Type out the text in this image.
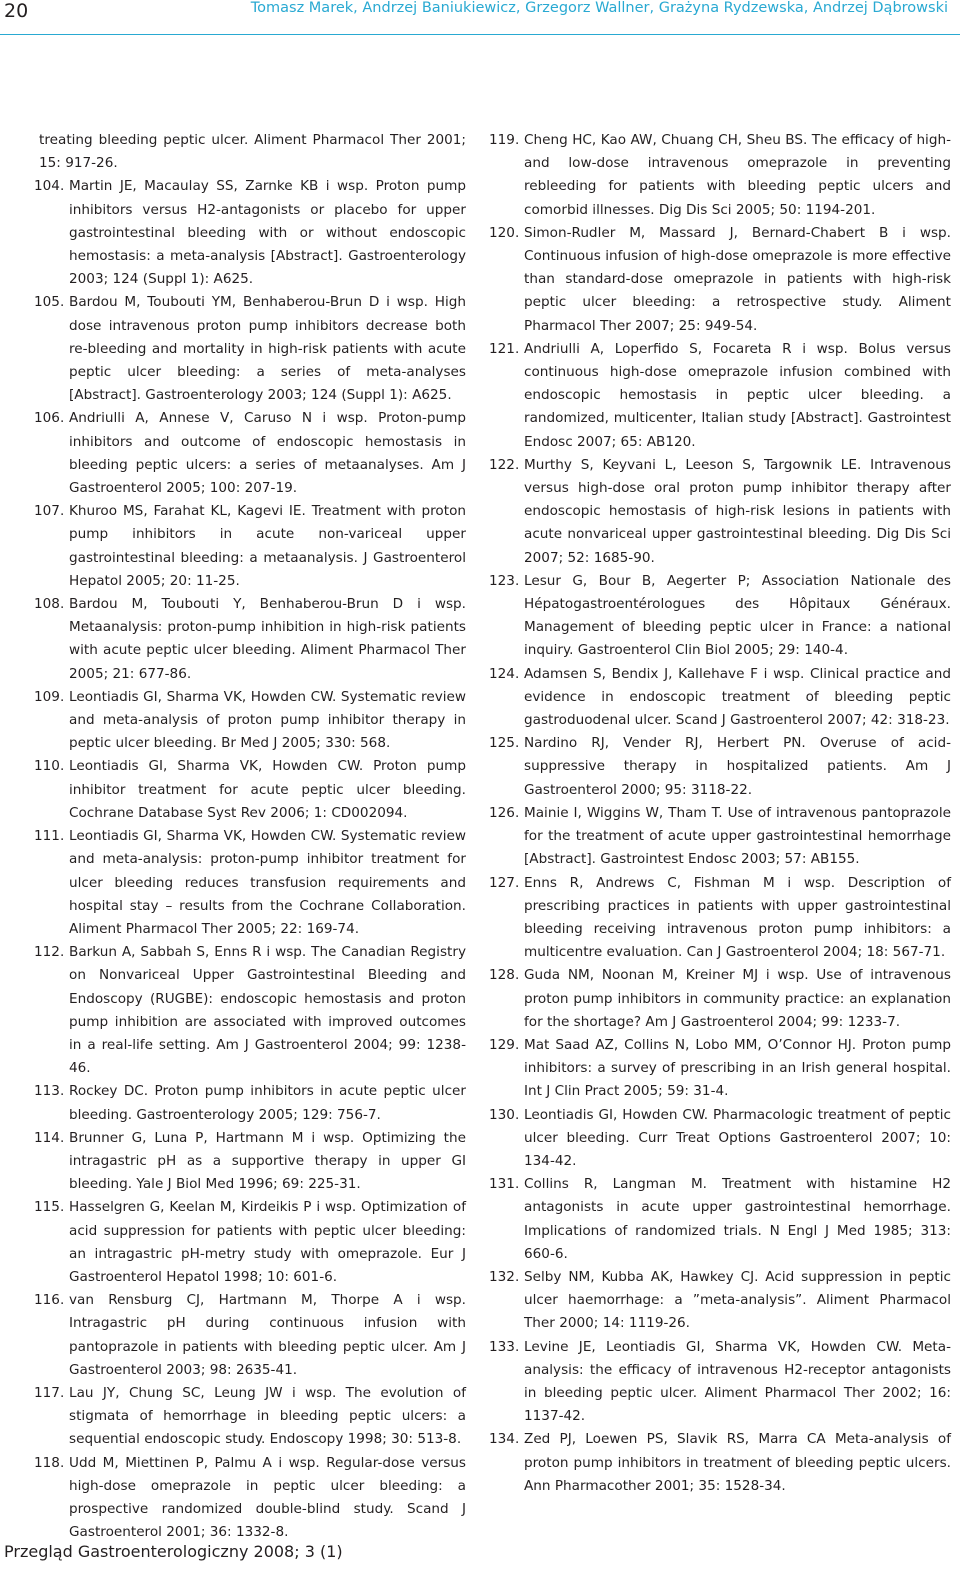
20	Tomasz Marek, Andrzej Baniukiewicz, Grzegorz Wallner, Grażyna Rydzewska, Andrzej Dąbrowski

treating bleeding peptic ulcer. Aliment Pharmacol Ther 2001; 15: 917-26.

104. Martin JE, Macaulay SS, Zarnke KB i wsp. Proton pump inhibitors versus H2-antagonists or placebo for upper gastrointestinal bleeding with or without endoscopic hemostasis: a meta-analysis [Abstract]. Gastroenterology 2003; 124 (Suppl 1): A625.

105. Bardou M, Toubouti YM, Benhaberou-Brun D i wsp. High dose intravenous proton pump inhibitors decrease both re-bleeding and mortality in high-risk patients with acute peptic ulcer bleeding: a series of meta-analyses [Abstract]. Gastroenterology 2003; 124 (Suppl 1): A625.

106. Andriulli A, Annese V, Caruso N i wsp. Proton-pump inhibitors and outcome of endoscopic hemostasis in bleeding peptic ulcers: a series of metaanalyses. Am J Gastroenterol 2005; 100: 207-19.

107. Khuroo MS, Farahat KL, Kagevi IE. Treatment with proton pump inhibitors in acute non-variceal upper gastrointestinal bleeding: a metaanalysis. J Gastroenterol Hepatol 2005; 20: 11-25.

108. Bardou M, Toubouti Y, Benhaberou-Brun D i wsp. Metaanalysis: proton-pump inhibition in high-risk patients with acute peptic ulcer bleeding. Aliment Pharmacol Ther 2005; 21: 677-86.

109. Leontiadis GI, Sharma VK, Howden CW. Systematic review and meta-analysis of proton pump inhibitor therapy in peptic ulcer bleeding. Br Med J 2005; 330: 568.

110. Leontiadis GI, Sharma VK, Howden CW. Proton pump inhibitor treatment for acute peptic ulcer bleeding. Cochrane Database Syst Rev 2006; 1: CD002094.

111. Leontiadis GI, Sharma VK, Howden CW. Systematic review and meta-analysis: proton-pump inhibitor treatment for ulcer bleeding reduces transfusion requirements and hospital stay – results from the Cochrane Collaboration. Aliment Pharmacol Ther 2005; 22: 169-74.

112. Barkun A, Sabbah S, Enns R i wsp. The Canadian Registry on Nonvariceal Upper Gastrointestinal Bleeding and Endoscopy (RUGBE): endoscopic hemostasis and proton pump inhibition are associated with improved outcomes in a real-life setting. Am J Gastroenterol 2004; 99: 1238-46.

113. Rockey DC. Proton pump inhibitors in acute peptic ulcer bleeding. Gastroenterology 2005; 129: 756-7.

114. Brunner G, Luna P, Hartmann M i wsp. Optimizing the intragastric pH as a supportive therapy in upper GI bleeding. Yale J Biol Med 1996; 69: 225-31.

115. Hasselgren G, Keelan M, Kirdeikis P i wsp. Optimization of acid suppression for patients with peptic ulcer bleeding: an intragastric pH-metry study with omeprazole. Eur J Gastroenterol Hepatol 1998; 10: 601-6.

116. van Rensburg CJ, Hartmann M, Thorpe A i wsp. Intragastric pH during continuous infusion with pantoprazole in patients with bleeding peptic ulcer. Am J Gastroenterol 2003; 98: 2635-41.

117. Lau JY, Chung SC, Leung JW i wsp. The evolution of stigmata of hemorrhage in bleeding peptic ulcers: a sequential endoscopic study. Endoscopy 1998; 30: 513-8.

118. Udd M, Miettinen P, Palmu A i wsp. Regular-dose versus high-dose omeprazole in peptic ulcer bleeding: a prospective randomized double-blind study. Scand J Gastroenterol 2001; 36: 1332-8.

119. Cheng HC, Kao AW, Chuang CH, Sheu BS. The efficacy of high- and low-dose intravenous omeprazole in preventing rebleeding for patients with bleeding peptic ulcers and comorbid illnesses. Dig Dis Sci 2005; 50: 1194-201.

120. Simon-Rudler M, Massard J, Bernard-Chabert B i wsp. Continuous infusion of high-dose omeprazole is more effective than standard-dose omeprazole in patients with high-risk peptic ulcer bleeding: a retrospective study. Aliment Pharmacol Ther 2007; 25: 949-54.

121. Andriulli A, Loperfido S, Focareta R i wsp. Bolus versus continuous high-dose omeprazole infusion combined with endoscopic hemostasis in peptic ulcer bleeding. a randomized, multicenter, Italian study [Abstract]. Gastrointest Endosc 2007; 65: AB120.

122. Murthy S, Keyvani L, Leeson S, Targownik LE. Intravenous versus high-dose oral proton pump inhibitor therapy after endoscopic hemostasis of high-risk lesions in patients with acute nonvariceal upper gastrointestinal bleeding. Dig Dis Sci 2007; 52: 1685-90.

123. Lesur G, Bour B, Aegerter P; Association Nationale des Hépatogastroentérologues des Hôpitaux Généraux. Management of bleeding peptic ulcer in France: a national inquiry. Gastroenterol Clin Biol 2005; 29: 140-4.

124. Adamsen S, Bendix J, Kallehave F i wsp. Clinical practice and evidence in endoscopic treatment of bleeding peptic gastroduodenal ulcer. Scand J Gastroenterol 2007; 42: 318-23.

125. Nardino RJ, Vender RJ, Herbert PN. Overuse of acid-suppressive therapy in hospitalized patients. Am J Gastroenterol 2000; 95: 3118-22.

126. Mainie I, Wiggins W, Tham T. Use of intravenous pantoprazole for the treatment of acute upper gastrointestinal hemorrhage [Abstract]. Gastrointest Endosc 2003; 57: AB155.

127. Enns R, Andrews C, Fishman M i wsp. Description of prescribing practices in patients with upper gastrointestinal bleeding receiving intravenous proton pump inhibitors: a multicentre evaluation. Can J Gastroenterol 2004; 18: 567-71.

128. Guda NM, Noonan M, Kreiner MJ i wsp. Use of intravenous proton pump inhibitors in community practice: an explanation for the shortage? Am J Gastroenterol 2004; 99: 1233-7.

129. Mat Saad AZ, Collins N, Lobo MM, O’Connor HJ. Proton pump inhibitors: a survey of prescribing in an Irish general hospital. Int J Clin Pract 2005; 59: 31-4.

130. Leontiadis GI, Howden CW. Pharmacologic treatment of peptic ulcer bleeding. Curr Treat Options Gastroenterol 2007; 10: 134-42.

131. Collins R, Langman M. Treatment with histamine H2 antagonists in acute upper gastrointestinal hemorrhage. Implications of randomized trials. N Engl J Med 1985; 313: 660-6.

132. Selby NM, Kubba AK, Hawkey CJ. Acid suppression in peptic ulcer haemorrhage: a ”meta-analysis”. Aliment Pharmacol Ther 2000; 14: 1119-26.

133. Levine JE, Leontiadis GI, Sharma VK, Howden CW. Meta-analysis: the efficacy of intravenous H2-receptor antagonists in bleeding peptic ulcer. Aliment Pharmacol Ther 2002; 16: 1137-42.

134. Zed PJ, Loewen PS, Slavik RS, Marra CA Meta-analysis of proton pump inhibitors in treatment of bleeding peptic ulcers. Ann Pharmacother 2001; 35: 1528-34.

Przegląd Gastroenterologiczny 2008; 3 (1)
